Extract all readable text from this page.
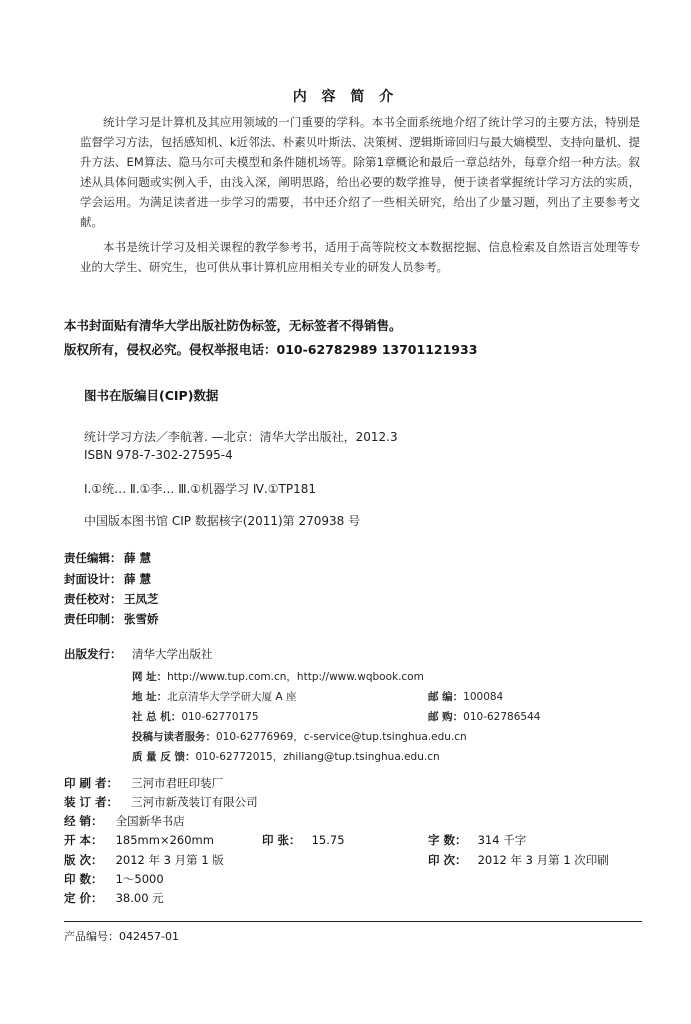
内 容 简 介

统计学习是计算机及其应用领域的一门重要的学科。本书全面系统地介绍了统计学习的主要方法，特别是监督学习方法，包括感知机、k近邻法、朴素贝叶斯法、决策树、逻辑斯谛回归与最大熵模型、支持向量机、提升方法、EM算法、隐马尔可夫模型和条件随机场等。除第1章概论和最后一章总结外，每章介绍一种方法。叙述从具体问题或实例入手，由浅入深，阐明思路，给出必要的数学推导，便于读者掌握统计学习方法的实质，学会运用。为满足读者进一步学习的需要，书中还介绍了一些相关研究，给出了少量习题，列出了主要参考文献。

本书是统计学习及相关课程的教学参考书，适用于高等院校文本数据挖掘、信息检索及自然语言处理等专业的大学生、研究生，也可供从事计算机应用相关专业的研发人员参考。

本书封面贴有清华大学出版社防伪标签，无标签者不得销售。
版权所有，侵权必究。侵权举报电话：010-62782989 13701121933
图书在版编目(CIP)数据
统计学习方法／李航著. —北京：清华大学出版社，2012.3
ISBN 978-7-302-27595-4
Ⅰ.①统… Ⅱ.①李… Ⅲ.①机器学习 Ⅳ.①TP181
中国版本图书馆 CIP 数据核字(2011)第 270938 号
责任编辑： 薛 慧
封面设计： 薛 慧
责任校对： 王凤芝
责任印制： 张雪娇
出版发行： 清华大学出版社
网 址：http://www.tup.com.cn，http://www.wqbook.com
地 址：北京清华大学学研大厦 A 座	邮 编：100084
社 总 机：010-62770175	邮 购：010-62786544
投稿与读者服务：010-62776969，c-service@tup.tsinghua.edu.cn
质 量 反 馈：010-62772015，zhiliang@tup.tsinghua.edu.cn
印 刷 者： 三河市君旺印装厂
装 订 者： 三河市新茂装订有限公司
经 销： 全国新华书店
开 本： 185mm×260mm	印 张： 15.75	字 数： 314 千字
版 次： 2012 年 3 月第 1 版	印 次： 2012 年 3 月第 1 次印刷
印 数： 1～5000
定 价： 38.00 元
产品编号：042457-01
